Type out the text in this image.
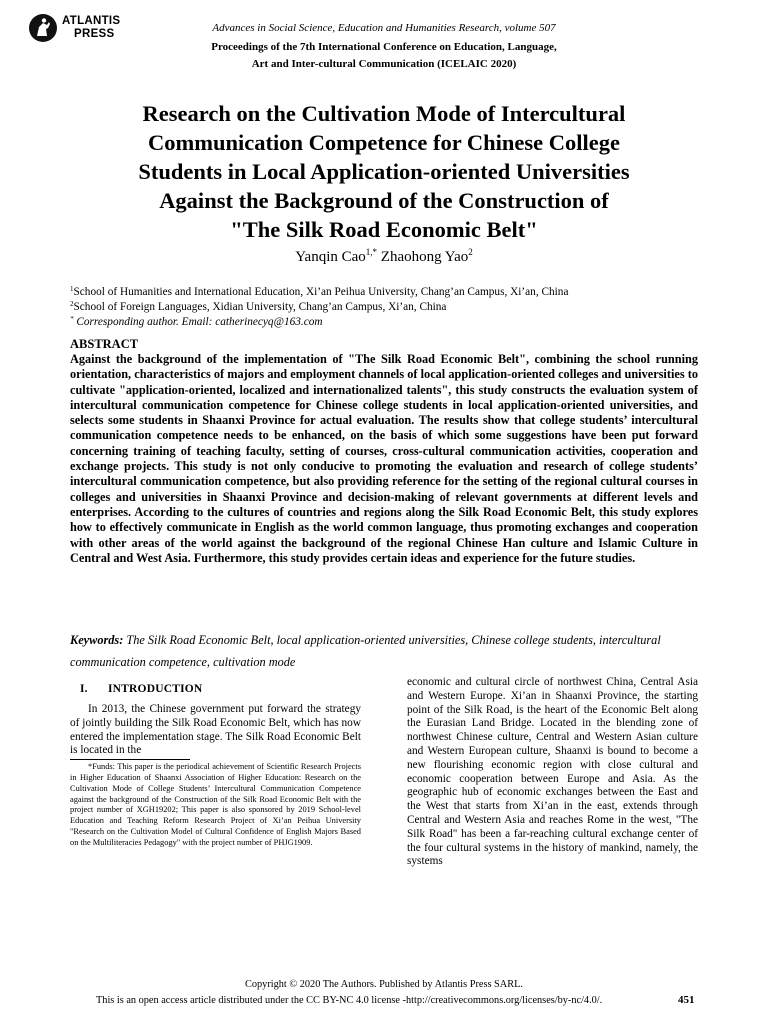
ATLANTIS
PRESS	Advances in Social Science, Education and Humanities Research, volume 507
Proceedings of the 7th International Conference on Education, Language,
Art and Inter-cultural Communication (ICELAIC 2020)
Research on the Cultivation Mode of Intercultural
Communication Competence for Chinese College
Students in Local Application-oriented Universities
Against the Background of the Construction of
"The Silk Road Economic Belt"
Yanqin Cao$^{1,*}$ Zhaohong Yao$^2$
$^1$School of Humanities and International Education, Xi’an Peihua University, Chang’an Campus, Xi’an, China
$^2$School of Foreign Languages, Xidian University, Chang’an Campus, Xi’an, China
* Corresponding author. Email: catherinecyq@163.com
ABSTRACT

Against the background of the implementation of "The Silk Road Economic Belt", combining the school running orientation, characteristics of majors and employment channels of local application-oriented colleges and universities to cultivate "application-oriented, localized and internationalized talents", this study constructs the evaluation system of intercultural communication competence for Chinese college students in local application-oriented universities, and selects some students in Shaanxi Province for actual evaluation. The results show that college students’ intercultural communication competence needs to be enhanced, on the basis of which some suggestions have been put forward concerning training of teaching faculty, setting of courses, cross-cultural communication activities, cooperation and exchange projects. This study is not only conducive to promoting the evaluation and research of college students’ intercultural communication competence, but also providing reference for the setting of the regional cultural courses in colleges and universities in Shaanxi Province and decision-making of relevant governments at different levels and enterprises. According to the cultures of countries and regions along the Silk Road Economic Belt, this study explores how to effectively communicate in English as the world common language, thus promoting exchanges and cooperation with other areas of the world against the background of the regional Chinese Han culture and Islamic Culture in Central and West Asia. Furthermore, this study provides certain ideas and experience for the future studies.

Keywords: The Silk Road Economic Belt, local application-oriented universities, Chinese college students, intercultural communication competence, cultivation mode

I. INTRODUCTION

In 2013, the Chinese government put forward the strategy of jointly building the Silk Road Economic Belt, which has now entered the implementation stage. The Silk Road Economic Belt is located in the

*Funds: This paper is the periodical achievement of Scientific Research Projects in Higher Education of Shaanxi Association of Higher Education: Research on the Cultivation Mode of College Students’ Intercultural Communication Competence against the background of the Construction of the Silk Road Economic Belt with the project number of XGH19202; This paper is also sponsored by 2019 School-level Education and Teaching Reform Research Project of Xi’an Peihua University "Research on the Cultivation Model of Cultural Confidence of English Majors Based on the Multiliteracies Pedagogy" with the project number of PHJG1909.

economic and cultural circle of northwest China, Central Asia and Western Europe. Xi’an in Shaanxi Province, the starting point of the Silk Road, is the heart of the Economic Belt along the Eurasian Land Bridge. Located in the blending zone of northwest Chinese culture, Central and Western Asian culture and Western European culture, Shaanxi is bound to become a new flourishing economic region with close cultural and economic cooperation between Europe and Asia. As the geographic hub of economic exchanges between the East and the West that starts from Xi’an in the east, extends through Central and Western Asia and reaches Rome in the west, "The Silk Road" has been a far-reaching cultural exchange center of the four cultural systems in the history of mankind, namely, the systems

Copyright © 2020 The Authors. Published by Atlantis Press SARL.
This is an open access article distributed under the CC BY-NC 4.0 license -http://creativecommons.org/licenses/by-nc/4.0/.	451
